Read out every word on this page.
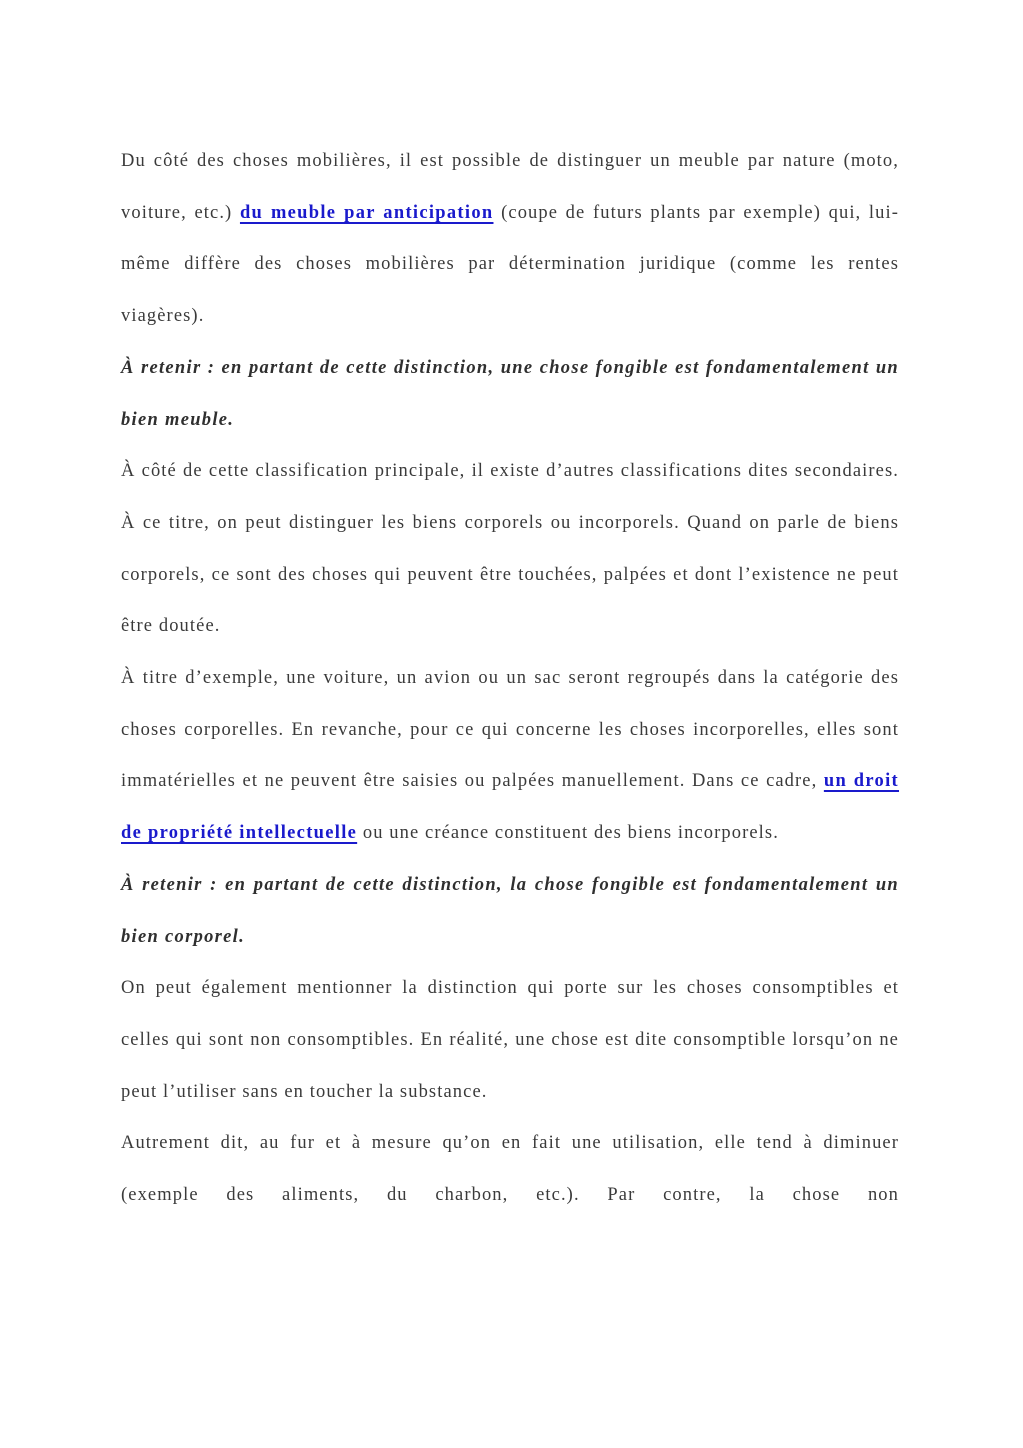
Du côté des choses mobilières, il est possible de distinguer un meuble par nature (moto, voiture, etc.) du meuble par anticipation (coupe de futurs plants par exemple) qui, lui-même diffère des choses mobilières par détermination juridique (comme les rentes viagères).

À retenir : en partant de cette distinction, une chose fongible est fondamentalement un bien meuble.

À côté de cette classification principale, il existe d’autres classifications dites secondaires. À ce titre, on peut distinguer les biens corporels ou incorporels. Quand on parle de biens corporels, ce sont des choses qui peuvent être touchées, palpées et dont l’existence ne peut être doutée.

À titre d’exemple, une voiture, un avion ou un sac seront regroupés dans la catégorie des choses corporelles. En revanche, pour ce qui concerne les choses incorporelles, elles sont immatérielles et ne peuvent être saisies ou palpées manuellement. Dans ce cadre, un droit de propriété intellectuelle ou une créance constituent des biens incorporels.

À retenir : en partant de cette distinction, la chose fongible est fondamentalement un bien corporel.

On peut également mentionner la distinction qui porte sur les choses consomptibles et celles qui sont non consomptibles. En réalité, une chose est dite consomptible lorsqu’on ne peut l’utiliser sans en toucher la substance.

Autrement dit, au fur et à mesure qu’on en fait une utilisation, elle tend à diminuer (exemple des aliments, du charbon, etc.). Par contre, la chose non
